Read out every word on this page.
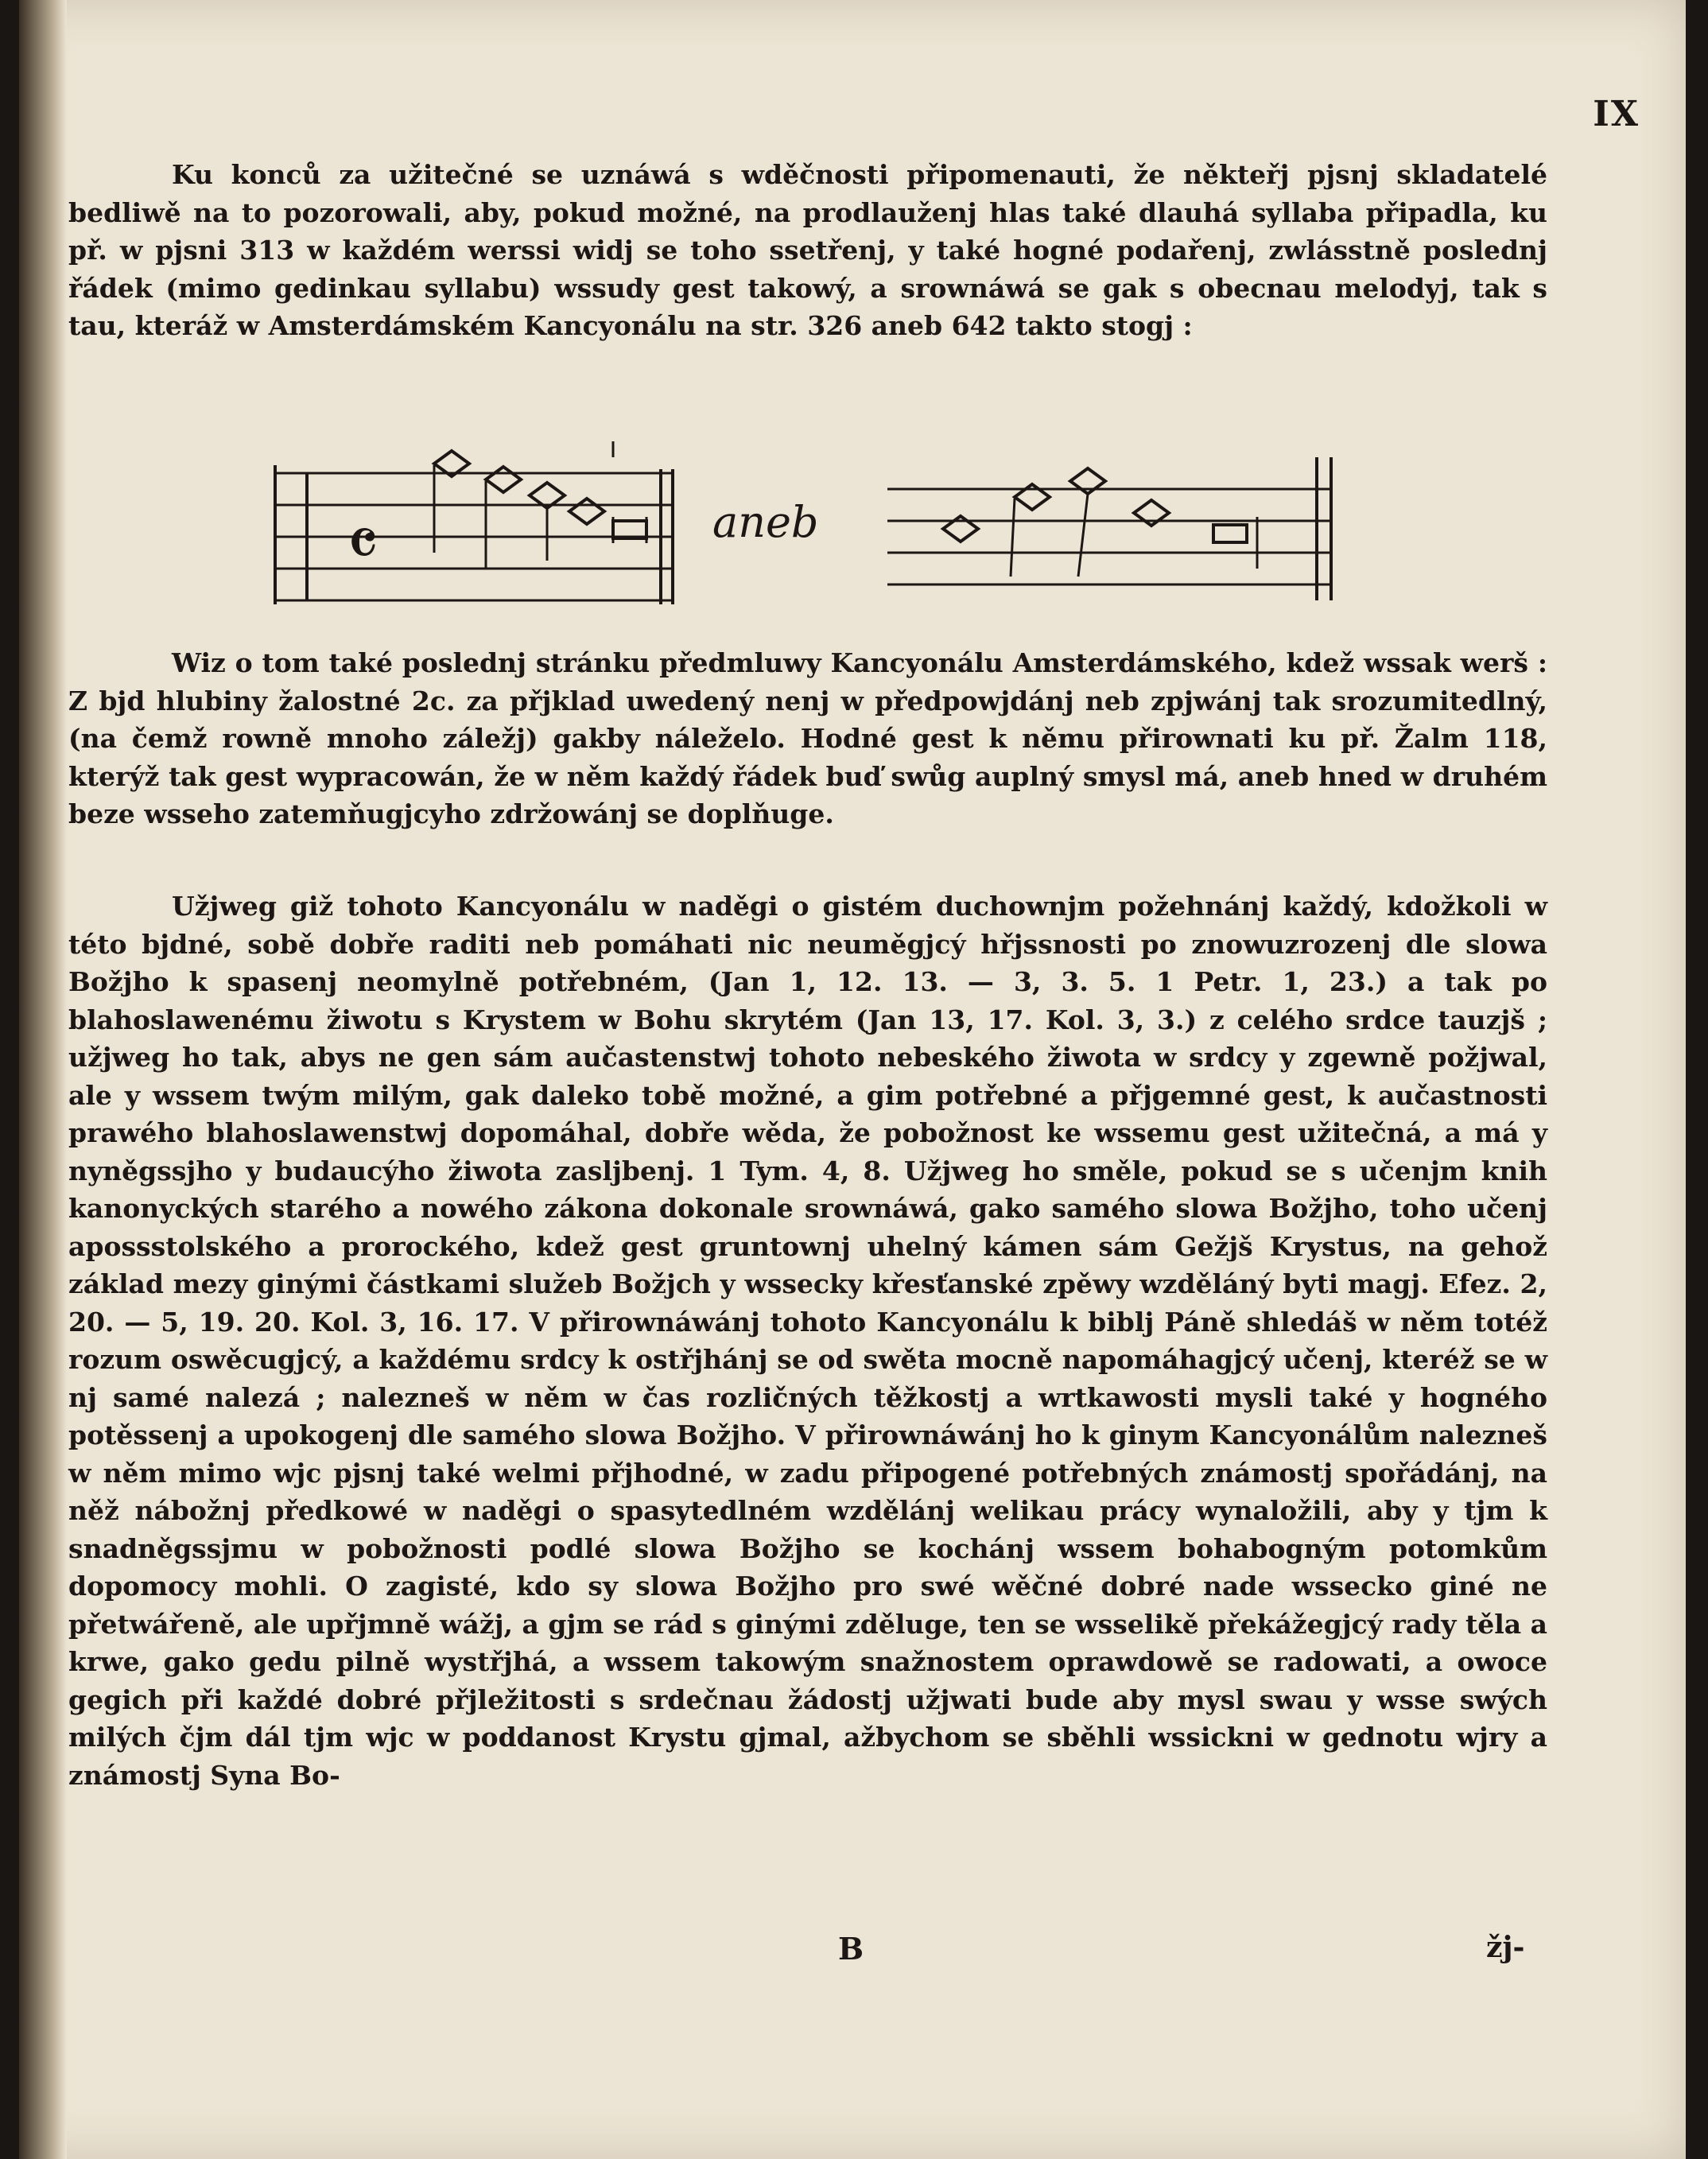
IX

Ku konců za užitečné se uznáwá s wděčnosti připomenauti, že někteřj pjsnj skladatelé bedliwě na to pozorowali, aby, pokud možné, na prodlauženj hlas také dlauhá syllaba připadla, ku př. w pjsni 313 w každém werssi widj se toho ssetřenj, y také hogné podařenj, zwlásstně poslednj řádek (mimo gedinkau syllabu) wssudy gest takowý, a srownáwá se gak s obecnau melodyj, tak s tau, kteráž w Amsterdámském Kancyonálu na str. 326 aneb 642 takto stogj :

𝄴	aneb

Wiz o tom také poslednj stránku předmluwy Kancyonálu Amsterdámského, kdež wssak werš : Z bjd hlubiny žalostné 2c. za přjklad uwedený nenj w předpowjdánj neb zpjwánj tak srozumitedlný, (na čemž rowně mnoho záležj) gakby náleželo. Hodné gest k němu přirownati ku př. Žalm 118, kterýž tak gest wypracowán, že w něm každý řádek buď swůg auplný smysl má, aneb hned w druhém beze wsseho zatemňugjcyho zdržowánj se doplňuge.

Užjweg giž tohoto Kancyonálu w naděgi o gistém duchownjm požehnánj každý, kdožkoli w této bjdné, sobě dobře raditi neb pomáhati nic neuměgjcý hřjssnosti po znowuzrozenj dle slowa Božjho k spasenj neomylně potřebném, (Jan 1, 12. 13. — 3, 3. 5. 1 Petr. 1, 23.) a tak po blahoslawenému žiwotu s Krystem w Bohu skrytém (Jan 13, 17. Kol. 3, 3.) z celého srdce tauzjš ; užjweg ho tak, abys ne gen sám aučastenstwj tohoto nebeského žiwota w srdcy y zgewně požjwal, ale y wssem twým milým, gak daleko tobě možné, a gim potřebné a přjgemné gest, k aučastnosti prawého blahoslawenstwj dopomáhal, dobře wěda, že pobožnost ke wssemu gest užitečná, a má y nyněgssjho y budaucýho žiwota zasljbenj. 1 Tym. 4, 8. Užjweg ho směle, pokud se s učenjm knih kanonyckých starého a nowého zákona dokonale srownáwá, gako samého slowa Božjho, toho učenj apossstolského a prorockého, kdež gest gruntownj uhelný kámen sám Gežjš Krystus, na gehož základ mezy ginými částkami služeb Božjch y wssecky křesťanské zpěwy wzděláný byti magj. Efez. 2, 20. — 5, 19. 20. Kol. 3, 16. 17. V přirownáwánj tohoto Kancyonálu k biblj Páně shledáš w něm totéž rozum oswěcugjcý, a každému srdcy k ostřjhánj se od swěta mocně napomáhagjcý učenj, kteréž se w nj samé nalezá ; nalezneš w něm w čas rozličných těžkostj a wrtkawosti mysli také y hogného potěssenj a upokogenj dle samého slowa Božjho. V přirownáwánj ho k ginym Kancyonálům nalezneš w něm mimo wjc pjsnj také welmi přjhodné, w zadu připogené potřebných známostj spořádánj, na něž nábožnj předkowé w naděgi o spasytedlném wzdělánj welikau prácy wynaložili, aby y tjm k snadněgssjmu w pobožnosti podlé slowa Božjho se kochánj wssem bohabogným potomkům dopomocy mohli. O zagisté, kdo sy slowa Božjho pro swé wěčné dobré nade wssecko giné ne přetwářeně, ale upřjmně wážj, a gjm se rád s ginými zděluge, ten se wsselikě překážegjcý rady těla a krwe, gako gedu pilně wystřjhá, a wssem takowým snažnostem oprawdowě se radowati, a owoce gegich při každé dobré přjležitosti s srdečnau žádostj užjwati bude aby mysl swau y wsse swých milých čjm dál tjm wjc w poddanost Krystu gjmal, ažbychom se sběhli wssickni w gednotu wjry a známostj Syna Bo-

B	žj-
